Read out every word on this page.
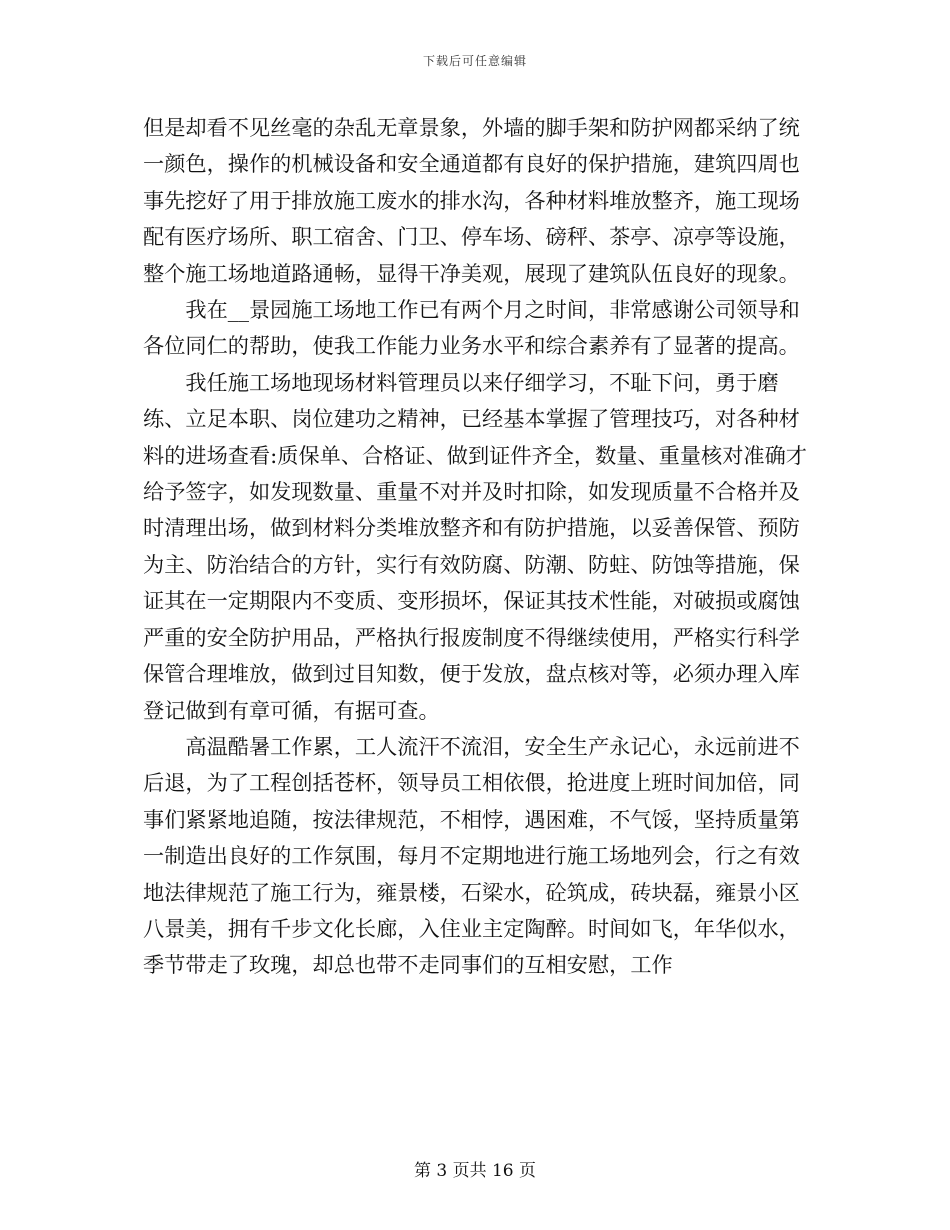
下载后可任意编辑

但是却看不见丝毫的杂乱无章景象，外墙的脚手架和防护网都采纳了统一颜色，操作的机械设备和安全通道都有良好的保护措施，建筑四周也事先挖好了用于排放施工废水的排水沟，各种材料堆放整齐，施工现场配有医疗场所、职工宿舍、门卫、停车场、磅秤、茶亭、凉亭等设施，整个施工场地道路通畅，显得干净美观，展现了建筑队伍良好的现象。

我在__景园施工场地工作已有两个月之时间，非常感谢公司领导和各位同仁的帮助，使我工作能力业务水平和综合素养有了显著的提高。

我任施工场地现场材料管理员以来仔细学习，不耻下问，勇于磨练、立足本职、岗位建功之精神，已经基本掌握了管理技巧，对各种材料的进场查看:质保单、合格证、做到证件齐全，数量、重量核对准确才给予签字，如发现数量、重量不对并及时扣除，如发现质量不合格并及时清理出场，做到材料分类堆放整齐和有防护措施，以妥善保管、预防为主、防治结合的方针，实行有效防腐、防潮、防蛀、防蚀等措施，保证其在一定期限内不变质、变形损坏，保证其技术性能，对破损或腐蚀严重的安全防护用品，严格执行报废制度不得继续使用，严格实行科学保管合理堆放，做到过目知数，便于发放，盘点核对等，必须办理入库登记做到有章可循，有据可查。

高温酷暑工作累，工人流汗不流泪，安全生产永记心，永远前进不后退，为了工程创括苍杯，领导员工相依偎，抢进度上班时间加倍，同事们紧紧地追随，按法律规范，不相悖，遇困难，不气馁，坚持质量第一制造出良好的工作氛围，每月不定期地进行施工场地列会，行之有效地法律规范了施工行为，雍景楼，石梁水，砼筑成，砖块磊，雍景小区八景美，拥有千步文化长廊，入住业主定陶醉。时间如飞，年华似水，季节带走了玫瑰，却总也带不走同事们的互相安慰，工作

第 3 页共 16 页
